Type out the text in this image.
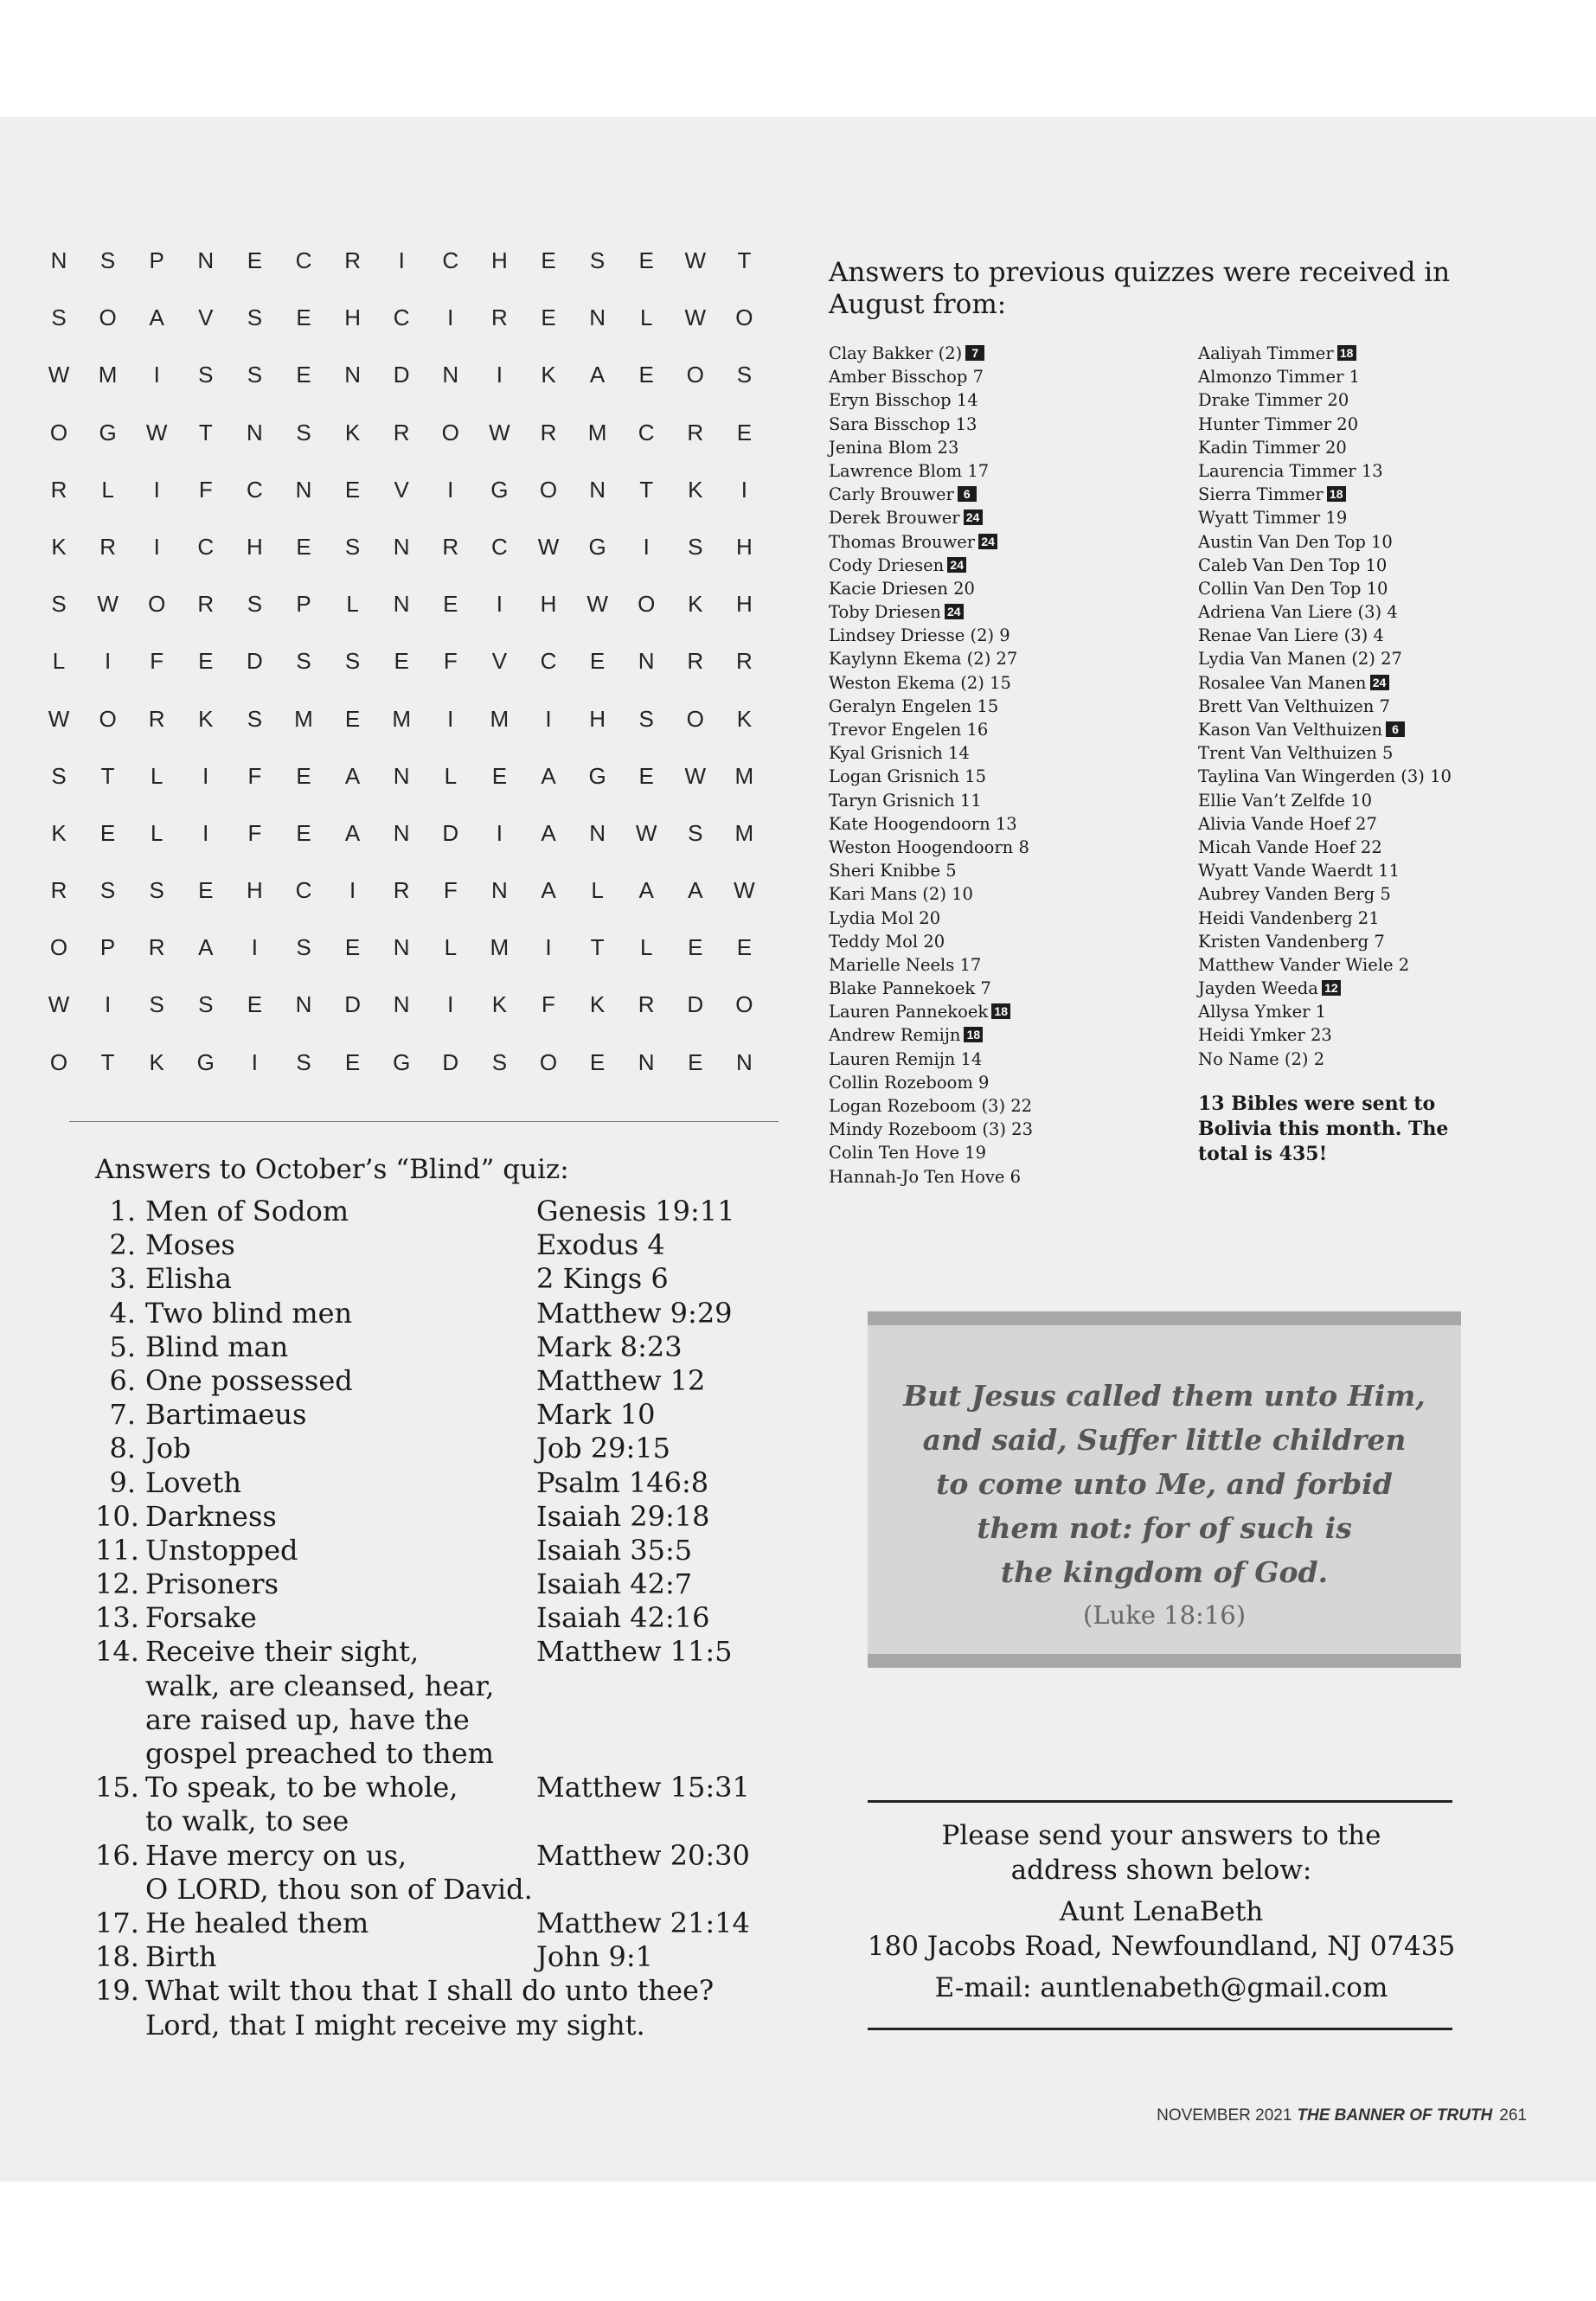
N	S	P	N	E	C	R	I	C	H	E	S	E	W	T
S	O	A	V	S	E	H	C	I	R	E	N	L	W	O
W	M	I	S	S	E	N	D	N	I	K	A	E	O	S
O	G	W	T	N	S	K	R	O	W	R	M	C	R	E
R	L	I	F	C	N	E	V	I	G	O	N	T	K	I
K	R	I	C	H	E	S	N	R	C	W	G	I	S	H
S	W	O	R	S	P	L	N	E	I	H	W	O	K	H
L	I	F	E	D	S	S	E	F	V	C	E	N	R	R
W	O	R	K	S	M	E	M	I	M	I	H	S	O	K
S	T	L	I	F	E	A	N	L	E	A	G	E	W	M
K	E	L	I	F	E	A	N	D	I	A	N	W	S	M
R	S	S	E	H	C	I	R	F	N	A	L	A	A	W
O	P	R	A	I	S	E	N	L	M	I	T	L	E	E
W	I	S	S	E	N	D	N	I	K	F	K	R	D	O
O	T	K	G	I	S	E	G	D	S	O	E	N	E	N
Answers to October’s “Blind” quiz:
1. Men of Sodom	Genesis 19:11
2. Moses	Exodus 4
3. Elisha	2 Kings 6
4. Two blind men	Matthew 9:29
5. Blind man	Mark 8:23
6. One possessed	Matthew 12
7. Bartimaeus	Mark 10
8. Job	Job 29:15
9. Loveth	Psalm 146:8
10. Darkness	Isaiah 29:18
11. Unstopped	Isaiah 35:5
12. Prisoners	Isaiah 42:7
13. Forsake	Isaiah 42:16
14. Receive their sight,
walk, are cleansed, hear,
are raised up, have the
gospel preached to them
Matthew 11:5
15. To speak, to be whole,
to walk, to see
Matthew 15:31
16. Have mercy on us,
O LORD, thou son of David.
Matthew 20:30
17. He healed them	Matthew 21:14
18. Birth	John 9:1
19. What wilt thou that I shall do unto thee?
Lord, that I might receive my sight.
Answers to previous quizzes were received in August from:
Clay Bakker (2) 7
Amber Bisschop 7
Eryn Bisschop 14
Sara Bisschop 13
Jenina Blom 23
Lawrence Blom 17
Carly Brouwer 6
Derek Brouwer 24
Thomas Brouwer 24
Cody Driesen 24
Kacie Driesen 20
Toby Driesen 24
Lindsey Driesse (2) 9
Kaylynn Ekema (2) 27
Weston Ekema (2) 15
Geralyn Engelen 15
Trevor Engelen 16
Kyal Grisnich 14
Logan Grisnich 15
Taryn Grisnich 11
Kate Hoogendoorn 13
Weston Hoogendoorn 8
Sheri Knibbe 5
Kari Mans (2) 10
Lydia Mol 20
Teddy Mol 20
Marielle Neels 17
Blake Pannekoek 7
Lauren Pannekoek 18
Andrew Remijn 18
Lauren Remijn 14
Collin Rozeboom 9
Logan Rozeboom (3) 22
Mindy Rozeboom (3) 23
Colin Ten Hove 19
Hannah-Jo Ten Hove 6
Aaliyah Timmer 18
Almonzo Timmer 1
Drake Timmer 20
Hunter Timmer 20
Kadin Timmer 20
Laurencia Timmer 13
Sierra Timmer 18
Wyatt Timmer 19
Austin Van Den Top 10
Caleb Van Den Top 10
Collin Van Den Top 10
Adriena Van Liere (3) 4
Renae Van Liere (3) 4
Lydia Van Manen (2) 27
Rosalee Van Manen 24
Brett Van Velthuizen 7
Kason Van Velthuizen 6
Trent Van Velthuizen 5
Taylina Van Wingerden (3) 10
Ellie Van’t Zelfde 10
Alivia Vande Hoef 27
Micah Vande Hoef 22
Wyatt Vande Waerdt 11
Aubrey Vanden Berg 5
Heidi Vandenberg 21
Kristen Vandenberg 7
Matthew Vander Wiele 2
Jayden Weeda 12
Allysa Ymker 1
Heidi Ymker 23
No Name (2) 2
13 Bibles were sent to Bolivia this month. The total is 435!
But Jesus called them unto Him,
and said, Suffer little children
to come unto Me, and forbid
them not: for of such is
the kingdom of God.
(Luke 18:16)
Please send your answers to the
address shown below:
Aunt LenaBeth
180 Jacobs Road, Newfoundland, NJ 07435
E-mail: auntlenabeth@gmail.com
NOVEMBER 2021 THE BANNER OF TRUTH 261
